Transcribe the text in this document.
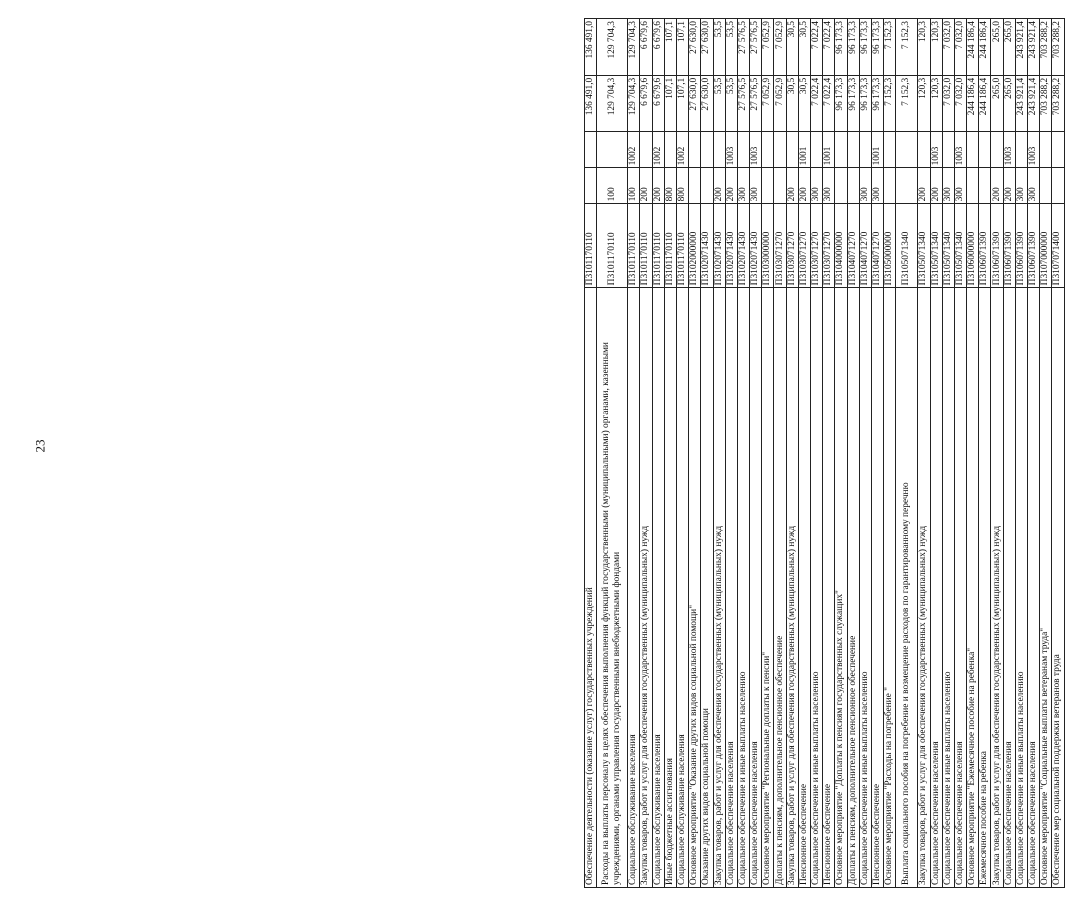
23
Обеспечение деятельности (оказание услуг) государственных учреждений	П3101170110			136 491,0	136 491,0
Расходы на выплаты персоналу в целях обеспечения выполнения функций государственными (муниципальными) органами, казенными учреждениями, органами управления государственными внебюджетными фондами	П3101170110	100		129 704,3	129 704,3
Социальное обслуживание населения	П3101170110	100	1002	129 704,3	129 704,3
Закупка товаров, работ и услуг для обеспечения государственных (муниципальных) нужд	П3101170110	200		6 679,6	6 679,6
Социальное обслуживание населения	П3101170110	200	1002	6 679,6	6 679,6
Иные бюджетные ассигнования	П3101170110	800		107,1	107,1
Социальное обслуживание населения	П3101170110	800	1002	107,1	107,1
Основное мероприятие "Оказание других видов социальной помощи"	П3102000000			27 630,0	27 630,0
Оказание других видов социальной помощи	П3102071430			27 630,0	27 630,0
Закупка товаров, работ и услуг для обеспечения государственных (муниципальных) нужд	П3102071430	200		53,5	53,5
Социальное обеспечение населения	П3102071430	200	1003	53,5	53,5
Социальное обеспечение и иные выплаты населению	П3102071430	300		27 576,5	27 576,5
Социальное обеспечение населения	П3102071430	300	1003	27 576,5	27 576,5
Основное мероприятие "Региональные доплаты к пенсии"	П3103000000			7 052,9	7 052,9
Доплаты к пенсиям, дополнительное пенсионное обеспечение	П3103071270			7 052,9	7 052,9
Закупка товаров, работ и услуг для обеспечения государственных (муниципальных) нужд	П3103071270	200		30,5	30,5
Пенсионное обеспечение	П3103071270	200	1001	30,5	30,5
Социальное обеспечение и иные выплаты населению	П3103071270	300		7 022,4	7 022,4
Пенсионное обеспечение	П3103071270	300	1001	7 022,4	7 022,4
Основное мероприятие "Доплаты к пенсиям государственных служащих"	П3104000000			96 173,3	96 173,3
Доплаты к пенсиям, дополнительное пенсионное обеспечение	П3104071270			96 173,3	96 173,3
Социальное обеспечение и иные выплаты населению	П3104071270	300		96 173,3	96 173,3
Пенсионное обеспечение	П3104071270	300	1001	96 173,3	96 173,3
Основное мероприятие "Расходы на погребение "	П3105000000			7 152,3	7 152,3
Выплата социального пособия на погребение и возмещение расходов по гарантированному перечню	П3105071340			7 152,3	7 152,3
Закупка товаров, работ и услуг для обеспечения государственных (муниципальных) нужд	П3105071340	200		120,3	120,3
Социальное обеспечение населения	П3105071340	200	1003	120,3	120,3
Социальное обеспечение и иные выплаты населению	П3105071340	300		7 032,0	7 032,0
Социальное обеспечение населения	П3105071340	300	1003	7 032,0	7 032,0
Основное мероприятие "Ежемесячное пособие на ребенка"	П3106000000			244 186,4	244 186,4
Ежемесячное пособие на ребенка	П3106071390			244 186,4	244 186,4
Закупка товаров, работ и услуг для обеспечения государственных (муниципальных) нужд	П3106071390	200		265,0	265,0
Социальное обеспечение населения	П3106071390	200	1003	265,0	265,0
Социальное обеспечение и иные выплаты населению	П3106071390	300		243 921,4	243 921,4
Социальное обеспечение населения	П3106071390	300	1003	243 921,4	243 921,4
Основное мероприятие "Социальные выплаты ветеранам труда"	П3107000000			703 288,2	703 288,2
Обеспечение мер социальной поддержки ветеранов труда	П3107071400			703 288,2	703 288,2
